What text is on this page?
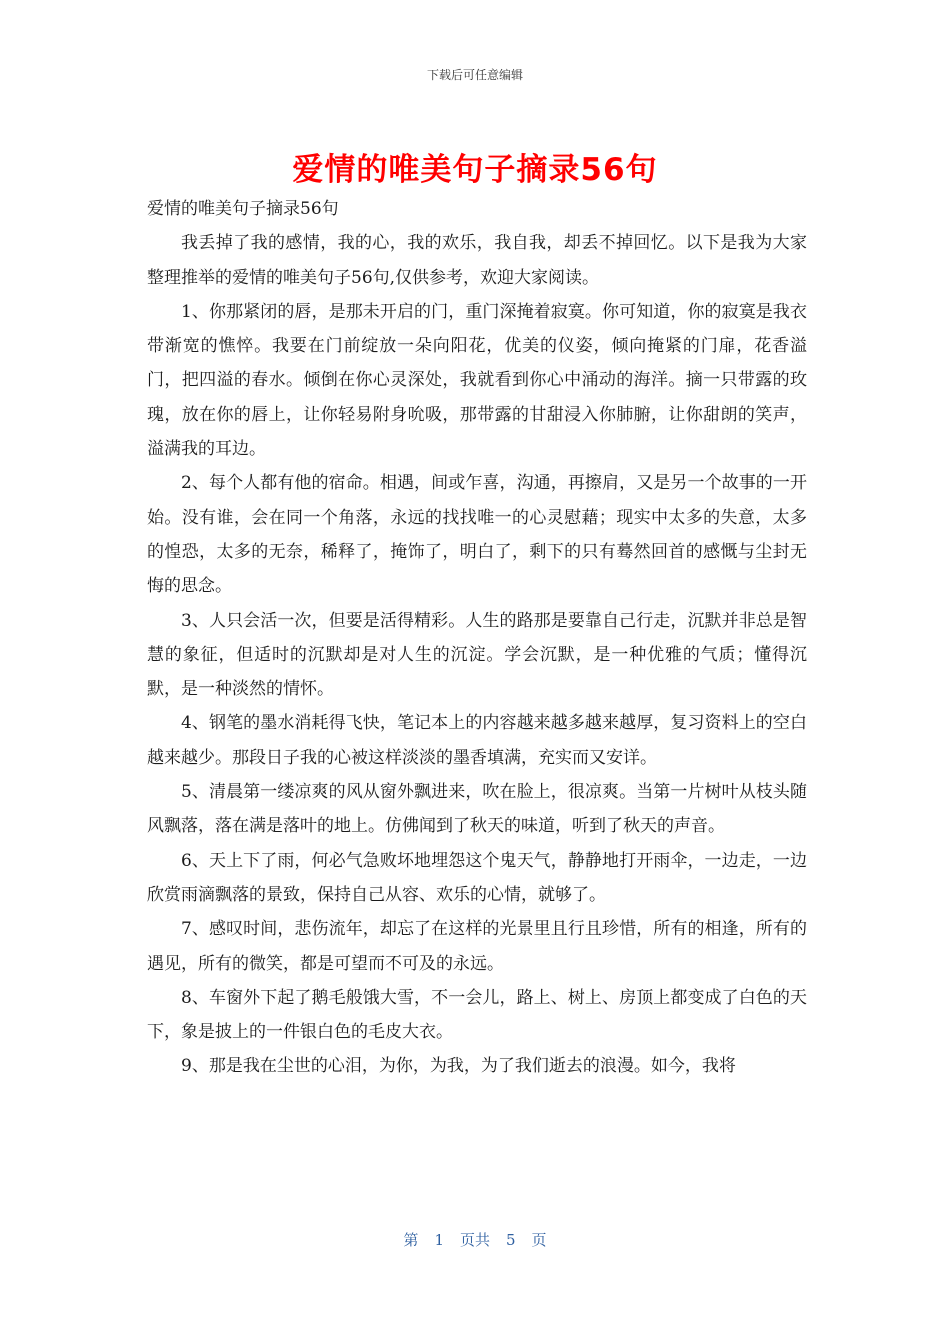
下载后可任意编辑
爱情的唯美句子摘录56句

爱情的唯美句子摘录56句

我丢掉了我的感情，我的心，我的欢乐，我自我，却丢不掉回忆。以下是我为大家整理推举的爱情的唯美句子56句,仅供参考，欢迎大家阅读。

1、你那紧闭的唇，是那未开启的门，重门深掩着寂寞。你可知道，你的寂寞是我衣带渐宽的憔悴。我要在门前绽放一朵向阳花，优美的仪姿，倾向掩紧的门扉，花香溢门，把四溢的春水。倾倒在你心灵深处，我就看到你心中涌动的海洋。摘一只带露的玫瑰，放在你的唇上，让你轻易附身吮吸，那带露的甘甜浸入你肺腑，让你甜朗的笑声，溢满我的耳边。

2、每个人都有他的宿命。相遇，间或乍喜，沟通，再擦肩，又是另一个故事的一开始。没有谁，会在同一个角落，永远的找找唯一的心灵慰藉；现实中太多的失意，太多的惶恐，太多的无奈，稀释了，掩饰了，明白了，剩下的只有蓦然回首的感慨与尘封无悔的思念。

3、人只会活一次，但要是活得精彩。人生的路那是要靠自己行走，沉默并非总是智慧的象征，但适时的沉默却是对人生的沉淀。学会沉默，是一种优雅的气质；懂得沉默，是一种淡然的情怀。

4、钢笔的墨水消耗得飞快，笔记本上的内容越来越多越来越厚，复习资料上的空白越来越少。那段日子我的心被这样淡淡的墨香填满，充实而又安详。

5、清晨第一缕凉爽的风从窗外飘进来，吹在脸上，很凉爽。当第一片树叶从枝头随风飘落，落在满是落叶的地上。仿佛闻到了秋天的味道，听到了秋天的声音。

6、天上下了雨，何必气急败坏地埋怨这个鬼天气，静静地打开雨伞，一边走，一边欣赏雨滴飘落的景致，保持自己从容、欢乐的心情，就够了。

7、感叹时间，悲伤流年，却忘了在这样的光景里且行且珍惜，所有的相逢，所有的遇见，所有的微笑，都是可望而不可及的永远。

8、车窗外下起了鹅毛般饿大雪，不一会儿，路上、树上、房顶上都变成了白色的天下，象是披上的一件银白色的毛皮大衣。

9、那是我在尘世的心泪，为你，为我，为了我们逝去的浪漫。如今，我将

第 1 页共 5 页
